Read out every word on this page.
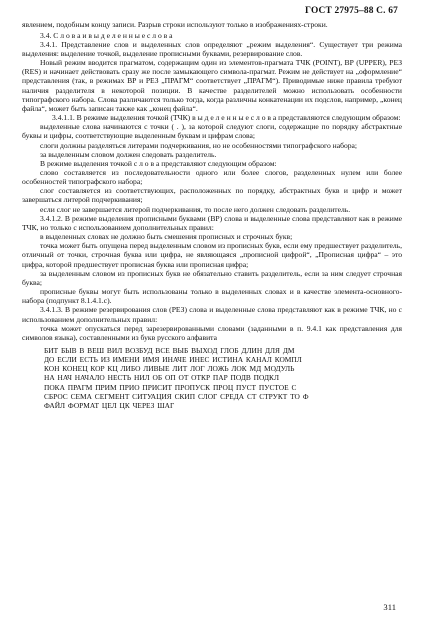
ГОСТ 27975–88 С. 67

явлением, подобным концу записи. Разрыв строки используют только в изображениях-строки.

3.4. С л о в а и в ы д е л е н н ы е с л о в а

3.4.1. Представление слов и выделенных слов определяют „режим выделения“. Существует три режима выделения: выделение точкой, выделение прописными буквами, резервирование слов.

Новый режим вводится прагматом, содержащим один из элементов-прагмата ТЧК (POINT), ВР (UPPER), РЕЗ (RES) и начинает действовать сразу же после замыкающего символа-прагмат. Режим не действует на „оформление“ представления (так, в режимах ВР и РЕЗ „ПРАГМ“ соответствует „ПРАГМ“). Приводимые ниже правила требуют наличия разделителя в некоторой позиции. В качестве разделителей можно использовать особенности типографского набора. Слова различаются только тогда, когда различны конкатенации их подслов, например, „конец файла“, может быть записан также как „конец файла“.

3.4.1.1. В режиме выделения точкой (ТЧК) в ы д е л е н н ы е с л о в а представляются следующим образом:

выделенные слова начинаются с точки ( . ), за которой следуют слоги, содержащие по порядку абстрактные буквы и цифры, соответствующие выделенным буквам и цифрам слова;

слоги должны разделяться литерами подчеркивания, но не особенностями типографского набора;

за выделенным словом должен следовать разделитель.

В режиме выделения точкой с л о в а представляют следующим образом:

слово составляется из последовательности одного или более слогов, разделенных нулем или более особенностей типографского набора;

слог составляется из соответствующих, расположенных по порядку, абстрактных букв и цифр и может завершаться литерой подчеркивания;

если слог не завершается литерой подчеркивания, то после него должен следовать разделитель.

3.4.1.2. В режиме выделения прописными буквами (ВР) слова и выделенные слова представляют как в режиме ТЧК, но только с использованием дополнительных правил:

в выделенных словах не должно быть смешения прописных и строчных букв;

точка может быть опущена перед выделенным словом из прописных букв, если ему предшествует разделитель, отличный от точки, строчная буква или цифра, не являющаяся „прописной цифрой“, „Прописная цифра“ – это цифра, которой предшествует прописная буква или прописная цифра;

за выделенным словом из прописных букв не обязательно ставить разделитель, если за ним следует строчная буква;

прописные буквы могут быть использованы только в выделенных словах и в качестве элемента-основного-набора (подпункт 8.1.4.1.с).

3.4.1.3. В режиме резервирования слов (РЕЗ) слова и выделенные слова представляют как в режиме ТЧК, но с использованием дополнительных правил:

точка может опускаться перед зарезервированными словами (заданными в п. 9.4.1 как представления для символов языка), составленными из букв русского алфавита

БИТ БЫВ В ВЕШ ВИЛ ВОЗБУД ВСЕ ВЫБ ВЫХОД ГЛОБ ДЛИН ДЛЯ ДМ
ДО ЕСЛИ ЕСТЬ ИЗ ИМЕНИ ИМЯ ИНАЧЕ ИНЕС ИСТИНА КАНАЛ КОМПЛ
КОН КОНЕЦ КОР КЦ ЛИБО ЛИВЫЕ ЛИТ ЛОГ ЛОЖЬ ЛОК МД МОДУЛЬ
НА НАЧ НАЧАЛО НЕСТЬ НИЛ ОБ ОП ОТ ОТКР ПАР ПОДВ ПОДКЛ
ПОКА ПРАГМ ПРИМ ПРИО ПРИСИТ ПРОПУСК ПРОЦ ПУСТ ПУСТОЕ С
СБРОС СЕМА СЕГМЕНТ СИТУАЦИЯ СКИП СЛОГ СРЕДА СТ СТРУКТ ТО Ф
ФАЙЛ ФОРМАТ ЦЕЛ ЦК ЧЕРЕЗ ШАГ
311
